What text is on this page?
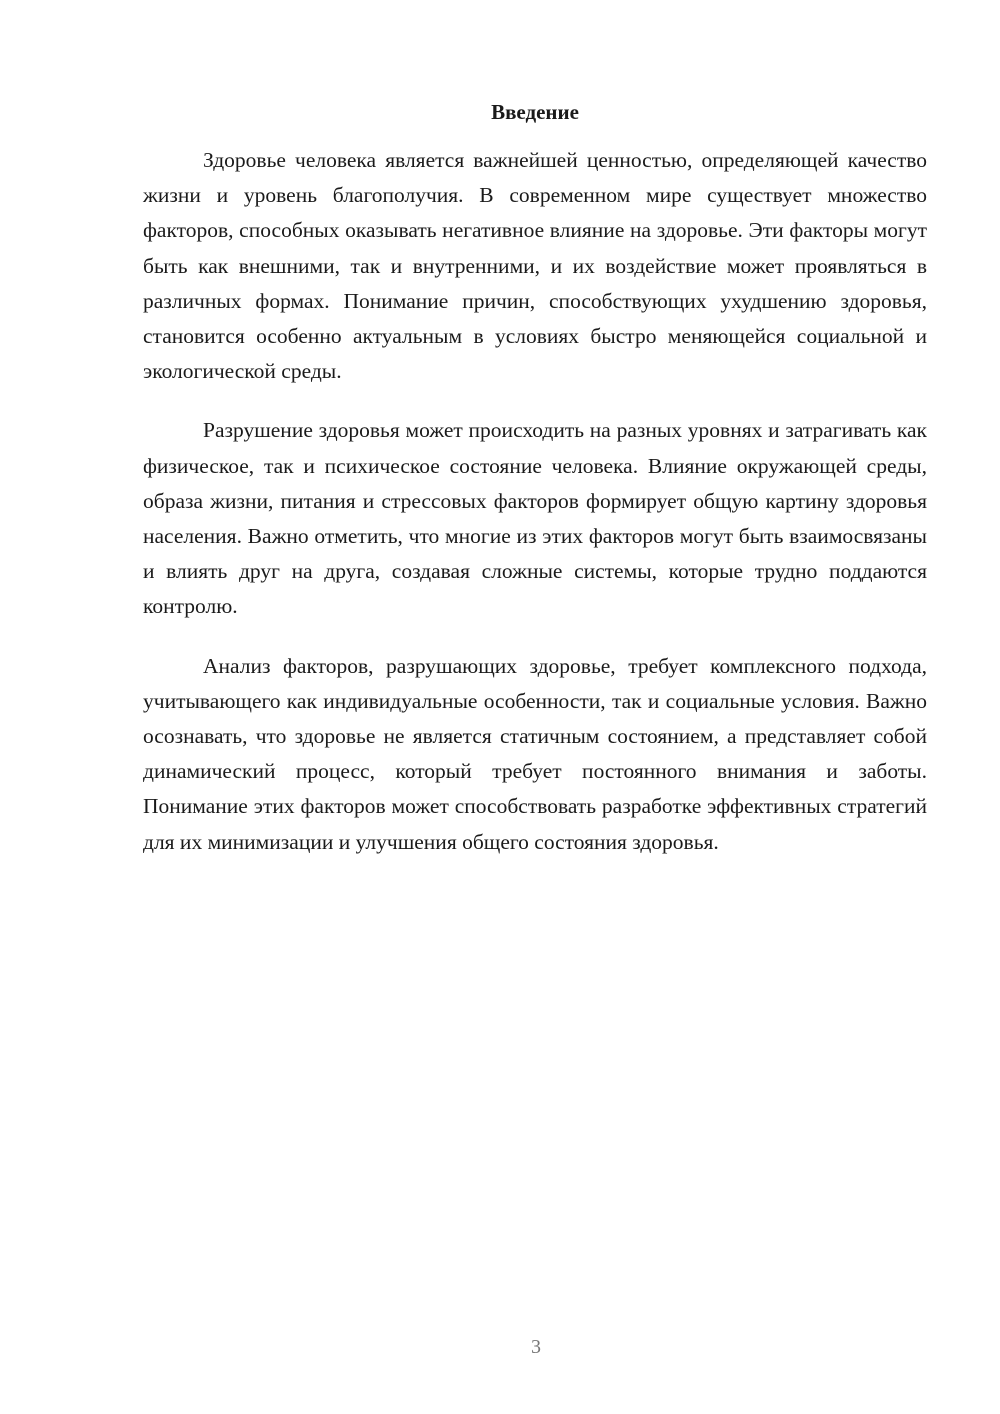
Введение

Здоровье человека является важнейшей ценностью, определяющей качество жизни и уровень благополучия. В современном мире существует множество факторов, способных оказывать негативное влияние на здоровье. Эти факторы могут быть как внешними, так и внутренними, и их воздействие может проявляться в различных формах. Понимание причин, способствующих ухудшению здоровья, становится особенно актуальным в условиях быстро меняющейся социальной и экологической среды.

Разрушение здоровья может происходить на разных уровнях и затрагивать как физическое, так и психическое состояние человека. Влияние окружающей среды, образа жизни, питания и стрессовых факторов формирует общую картину здоровья населения. Важно отметить, что многие из этих факторов могут быть взаимосвязаны и влиять друг на друга, создавая сложные системы, которые трудно поддаются контролю.

Анализ факторов, разрушающих здоровье, требует комплексного подхода, учитывающего как индивидуальные особенности, так и социальные условия. Важно осознавать, что здоровье не является статичным состоянием, а представляет собой динамический процесс, который требует постоянного внимания и заботы. Понимание этих факторов может способствовать разработке эффективных стратегий для их минимизации и улучшения общего состояния здоровья.

3
